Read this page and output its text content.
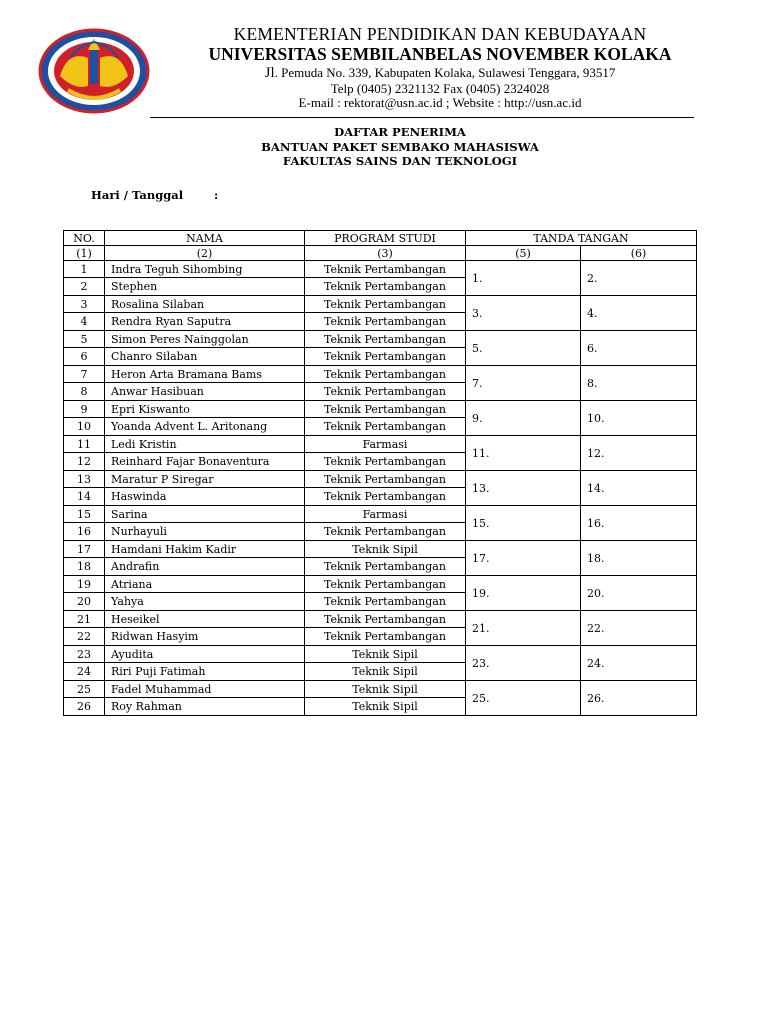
KEMENTERIAN PENDIDIKAN DAN KEBUDAYAAN
UNIVERSITAS SEMBILANBELAS NOVEMBER KOLAKA
Jl. Pemuda No. 339, Kabupaten Kolaka, Sulawesi Tenggara, 93517
Telp (0405) 2321132 Fax (0405) 2324028
E-mail : rektorat@usn.ac.id ; Website : http://usn.ac.id
DAFTAR PENERIMA
BANTUAN PAKET SEMBAKO MAHASISWA
FAKULTAS SAINS DAN TEKNOLOGI
Hari / Tanggal	:
NO.	NAMA	PROGRAM STUDI	TANDA TANGAN	
(1)	(2)	(3)	(5)	(6)
1	Indra Teguh Sihombing	Teknik Pertambangan	1.	2.
2	Stephen	Teknik Pertambangan		
3	Rosalina Silaban	Teknik Pertambangan	3.	4.
4	Rendra Ryan Saputra	Teknik Pertambangan		
5	Simon Peres Nainggolan	Teknik Pertambangan	5.	6.
6	Chanro Silaban	Teknik Pertambangan		
7	Heron Arta Bramana Bams	Teknik Pertambangan	7.	8.
8	Anwar Hasibuan	Teknik Pertambangan		
9	Epri Kiswanto	Teknik Pertambangan	9.	10.
10	Yoanda Advent L. Aritonang	Teknik Pertambangan		
11	Ledi Kristin	Farmasi	11.	12.
12	Reinhard Fajar Bonaventura	Teknik Pertambangan		
13	Maratur P Siregar	Teknik Pertambangan	13.	14.
14	Haswinda	Teknik Pertambangan		
15	Sarina	Farmasi	15.	16.
16	Nurhayuli	Teknik Pertambangan		
17	Hamdani Hakim Kadir	Teknik Sipil	17.	18.
18	Andrafin	Teknik Pertambangan		
19	Atriana	Teknik Pertambangan	19.	20.
20	Yahya	Teknik Pertambangan		
21	Heseikel	Teknik Pertambangan	21.	22.
22	Ridwan Hasyim	Teknik Pertambangan		
23	Ayudita	Teknik Sipil	23.	24.
24	Riri Puji Fatimah	Teknik Sipil		
25	Fadel Muhammad	Teknik Sipil	25.	26.
26	Roy Rahman	Teknik Sipil		
